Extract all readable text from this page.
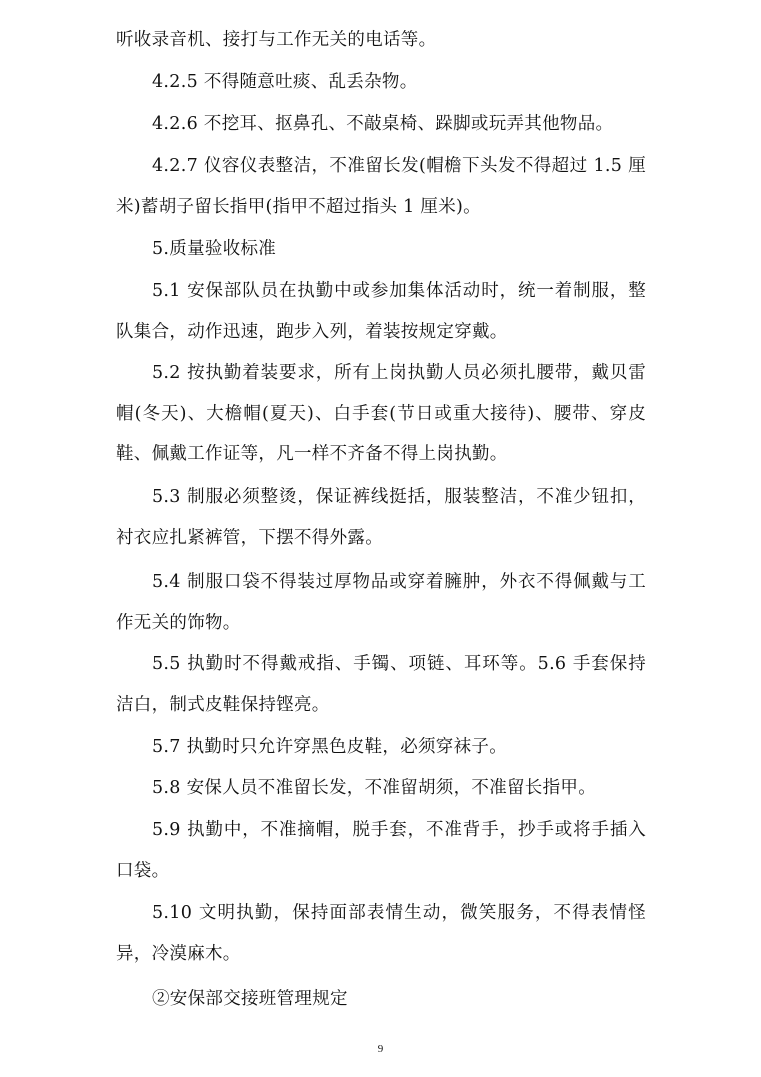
听收录音机、接打与工作无关的电话等。

4.2.5 不得随意吐痰、乱丢杂物。

4.2.6 不挖耳、抠鼻孔、不敲桌椅、跺脚或玩弄其他物品。

4.2.7 仪容仪表整洁，不准留长发(帽檐下头发不得超过 1.5 厘米)蓄胡子留长指甲(指甲不超过指头 1 厘米)。

5.质量验收标准

5.1 安保部队员在执勤中或参加集体活动时，统一着制服，整队集合，动作迅速，跑步入列，着装按规定穿戴。

5.2 按执勤着装要求，所有上岗执勤人员必须扎腰带，戴贝雷帽(冬天)、大檐帽(夏天)、白手套(节日或重大接待)、腰带、穿皮鞋、佩戴工作证等，凡一样不齐备不得上岗执勤。

5.3 制服必须整烫，保证裤线挺括，服装整洁，不准少钮扣，衬衣应扎紧裤管，下摆不得外露。

5.4 制服口袋不得装过厚物品或穿着臃肿，外衣不得佩戴与工作无关的饰物。

5.5 执勤时不得戴戒指、手镯、项链、耳环等。5.6 手套保持洁白，制式皮鞋保持铿亮。

5.7 执勤时只允许穿黑色皮鞋，必须穿袜子。

5.8 安保人员不准留长发，不准留胡须，不准留长指甲。

5.9 执勤中，不准摘帽，脱手套，不准背手，抄手或将手插入口袋。

5.10 文明执勤，保持面部表情生动，微笑服务，不得表情怪异，冷漠麻木。

②安保部交接班管理规定

9
